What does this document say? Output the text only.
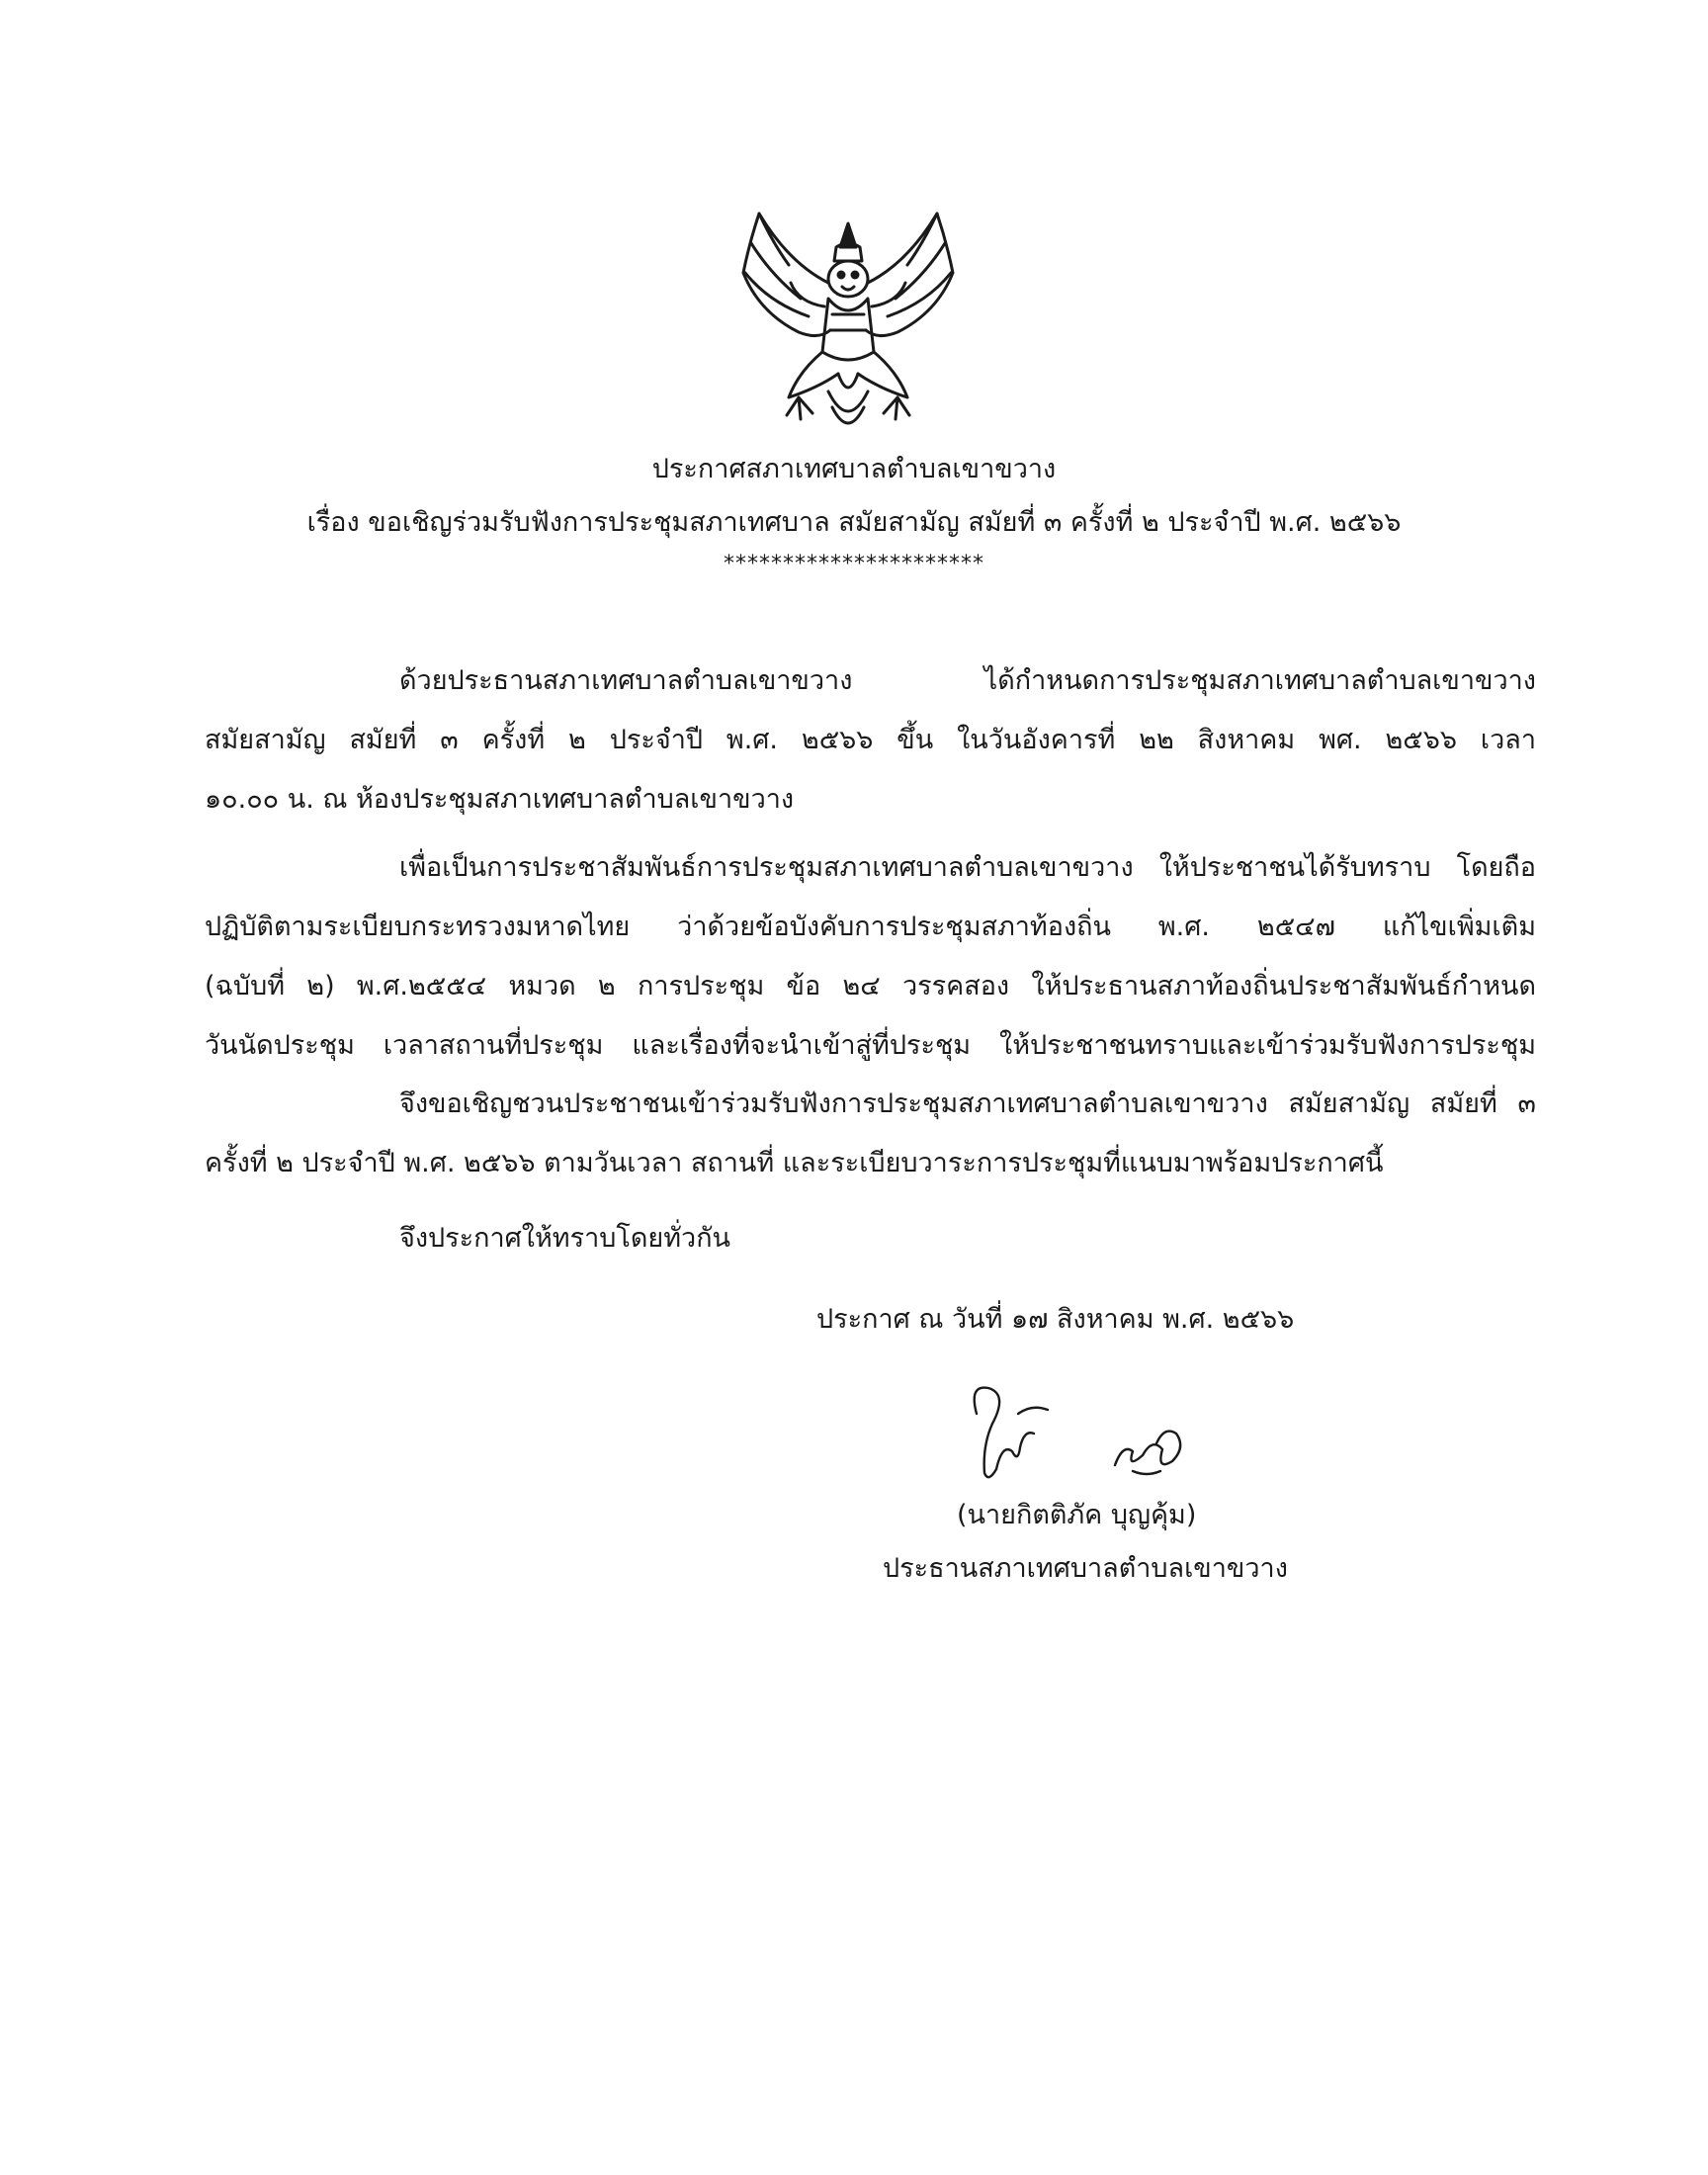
ประกาศสภาเทศบาลตำบลเขาขวาง
เรื่อง ขอเชิญร่วมรับฟังการประชุมสภาเทศบาล สมัยสามัญ สมัยที่ ๓ ครั้งที่ ๒ ประจำปี พ.ศ. ๒๕๖๖
**********************
ด้วยประธานสภาเทศบาลตำบลเขาขวาง ได้กำหนดการประชุมสภาเทศบาลตำบลเขาขวาง
สมัยสามัญ สมัยที่ ๓ ครั้งที่ ๒ ประจำปี พ.ศ. ๒๕๖๖ ขึ้น ในวันอังคารที่ ๒๒ สิงหาคม พศ. ๒๕๖๖ เวลา
๑๐.๐๐ น. ณ ห้องประชุมสภาเทศบาลตำบลเขาขวาง
เพื่อเป็นการประชาสัมพันธ์การประชุมสภาเทศบาลตำบลเขาขวาง ให้ประชาชนได้รับทราบ โดยถือ
ปฏิบัติตามระเบียบกระทรวงมหาดไทย ว่าด้วยข้อบังคับการประชุมสภาท้องถิ่น พ.ศ. ๒๕๔๗ แก้ไขเพิ่มเติม
(ฉบับที่ ๒) พ.ศ.๒๕๕๔ หมวด ๒ การประชุม ข้อ ๒๔ วรรคสอง ให้ประธานสภาท้องถิ่นประชาสัมพันธ์กำหนด
วันนัดประชุม เวลาสถานที่ประชุม และเรื่องที่จะนำเข้าสู่ที่ประชุม ให้ประชาชนทราบและเข้าร่วมรับฟังการประชุม
จึงขอเชิญชวนประชาชนเข้าร่วมรับฟังการประชุมสภาเทศบาลตำบลเขาขวาง สมัยสามัญ สมัยที่ ๓
ครั้งที่ ๒ ประจำปี พ.ศ. ๒๕๖๖ ตามวันเวลา สถานที่ และระเบียบวาระการประชุมที่แนบมาพร้อมประกาศนี้
จึงประกาศให้ทราบโดยทั่วกัน
ประกาศ ณ วันที่ ๑๗ สิงหาคม พ.ศ. ๒๕๖๖
(นายกิตติภัค บุญคุ้ม)
ประธานสภาเทศบาลตำบลเขาขวาง
